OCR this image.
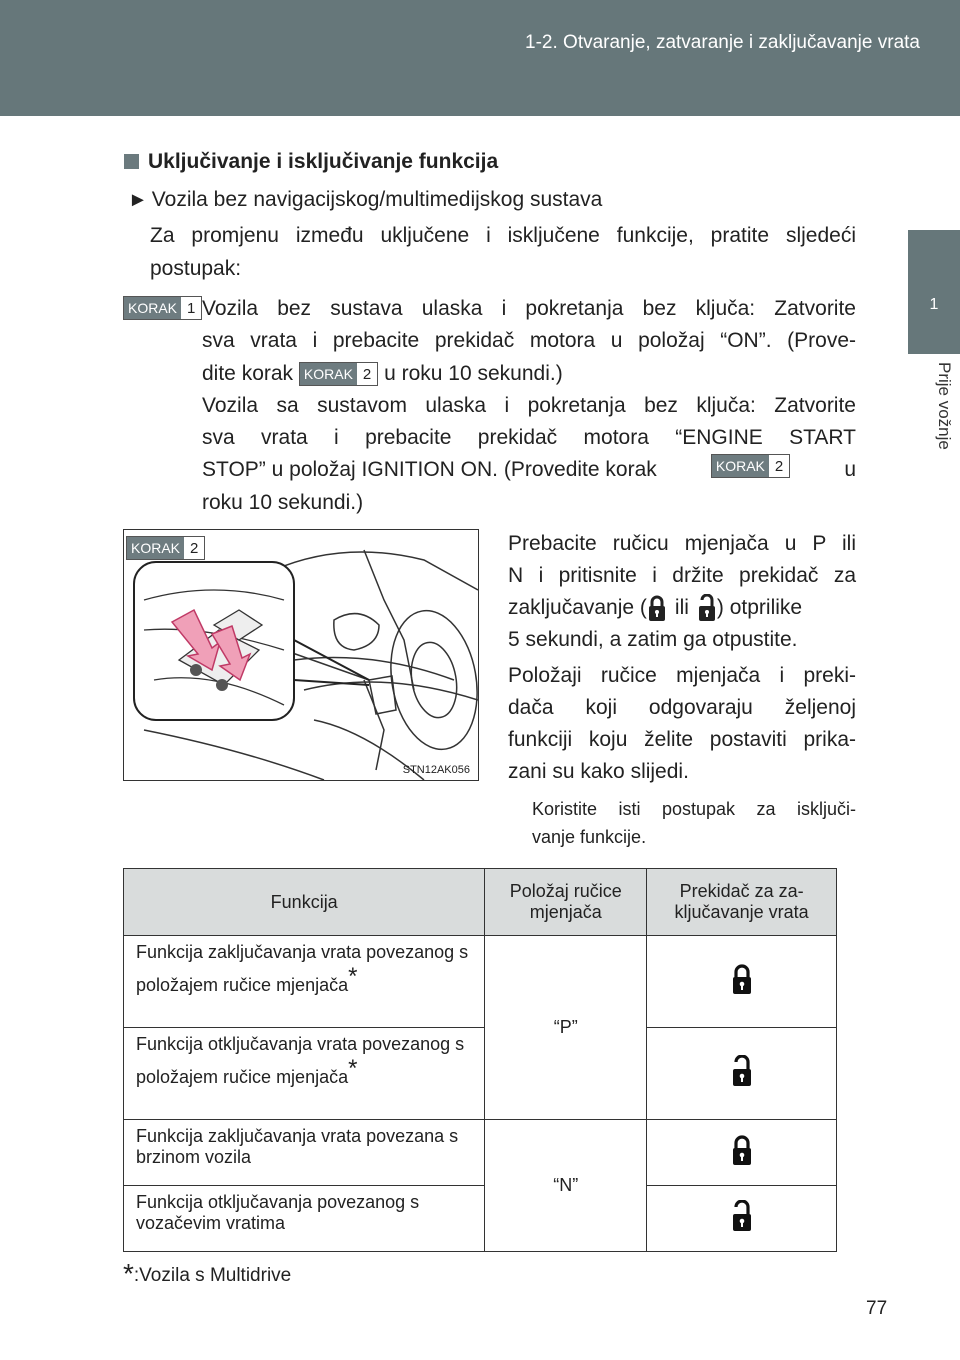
1-2. Otvaranje, zatvaranje i zaključavanje vrata
1
Prije vožnje
Uključivanje i isključivanje funkcija
► Vozila bez navigacijskog/multimedijskog sustava
Za promjenu između uključene i isključene funkcije, pratite sljedeći
postupak:
KORAK 1 Vozila bez sustava ulaska i pokretanja bez ključa: Zatvorite
sva vrata i prebacite prekidač motora u položaj “ON”. (Prove-
dite korak KORAK 2 u roku 10 sekundi.)
Vozila sa sustavom ulaska i pokretanja bez ključa: Zatvorite
sva vrata i prebacite prekidač motora “ENGINE START
STOP” u položaj IGNITION ON. (Provedite korak	KORAK 2	u
roku 10 sekundi.)
KORAK 2
STN12AK056
Prebacite ručicu mjenjača u P ili
N i pritisnite i držite prekidač za
zaključavanje ( ili ) otprilike
5 sekundi, a zatim ga otpustite.
Položaji ručice mjenjača i preki-
dača koji odgovaraju željenoj
funkciji koju želite postaviti prika-
zani su kako slijedi.
Koristite isti postupak za isključi-
vanje funkcije.
Funkcija	Položaj ručice mjenjača	Prekidač za za- ključavanje vrata
Funkcija zaključavanja vrata povezanog s položajem ručice mjenjača*	“P”	
Funkcija otključavanja vrata povezanog s položajem ručice mjenjača*	
Funkcija zaključavanja vrata povezana s brzinom vozila	“N”	
Funkcija otključavanja povezanog s vozačevim vratima	
*:Vozila s Multidrive
77
